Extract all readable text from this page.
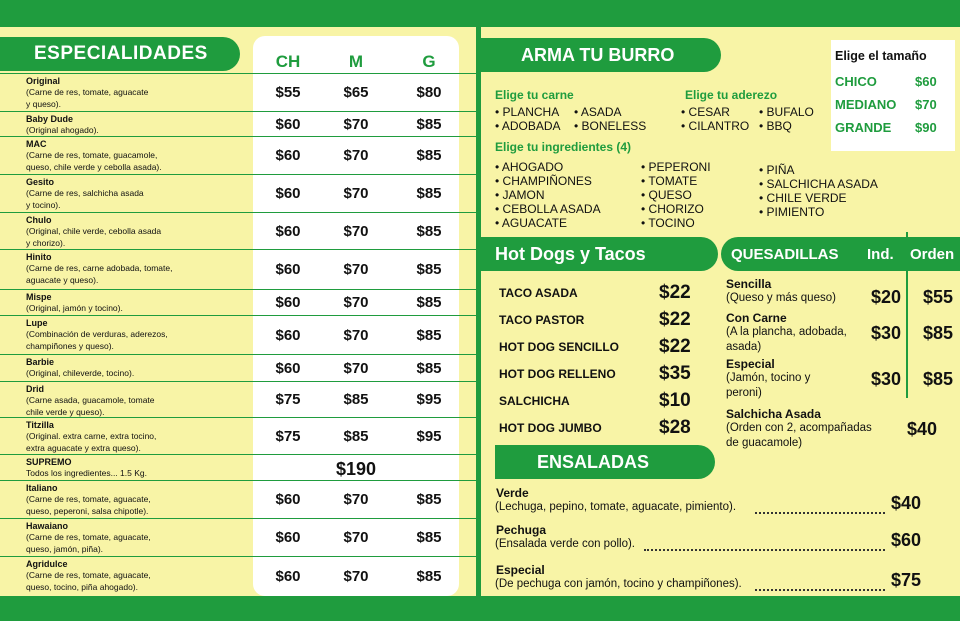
ESPECIALIDADES	CH	M	G
Original
(Carne de res, tomate, aguacate
y queso).
$55	$65	$80
Baby Dude
(Original ahogado).	$60	$70	$85
MAC
(Carne de res, tomate, guacamole,
queso, chile verde y cebolla asada).
$60	$70	$85
Gesito
(Carne de res, salchicha asada
y tocino).
$60	$70	$85
Chulo
(Original, chile verde, cebolla asada
y chorizo).
$60	$70	$85
Hinito
(Carne de res, carne adobada, tomate,
aguacate y queso).
$60	$70	$85
Mispe
(Original, jamón y tocino).	$60	$70	$85
Lupe
(Combinación de verduras, aderezos,
champiñones y queso).
$60	$70	$85
Barbie
(Original, chileverde, tocino).	$60	$70	$85
Drid
(Carne asada, guacamole, tomate
chile verde y queso).
$75	$85	$95
Titzilla
(Original. extra carne, extra tocino,
extra aguacate y extra queso).
$75	$85	$95
SUPREMO
Todos los ingredientes... 1.5 Kg.	$190
Italiano
(Carne de res, tomate, aguacate,
queso, peperoni, salsa chipotle).
$60	$70	$85
Hawaiano
(Carne de res, tomate, aguacate,
queso, jamón, piña).
$60	$70	$85
Agridulce
(Carne de res, tomate, aguacate,
queso, tocino, piña ahogado).
$60	$70	$85
ARMA TU BURRO	Elige el tamaño
CHICO	$60
MEDIANO $70
GRANDE $90
Elige tu carne
• PLANCHA • ASADA
• ADOBADA • BONELESS
Elige tu aderezo
• CESAR • BUFALO
• CILANTRO • BBQ
Elige tu ingredientes (4)
• AHOGADO
• CHAMPIÑONES
• JAMON
• CEBOLLA ASADA
• AGUACATE
• PEPERONI
• TOMATE
• QUESO
• CHORIZO
• TOCINO
• PIÑA
• SALCHICHA ASADA
• CHILE VERDE
• PIMIENTO
Hot Dogs y Tacos
TACO ASADA	$22
TACO PASTOR	$22
HOT DOG SENCILLO $22
HOT DOG RELLENO $35
SALCHICHA	$10
HOT DOG JUMBO	$28
QUESADILLAS Ind. Orden
Sencilla
(Queso y más queso)	$20	$55
Con Carne
(A la plancha, adobada,
asada)
$30	$85
Especial
(Jamón, tocino y
peroni)
$30	$85
Salchicha Asada
(Orden con 2, acompañadas
de guacamole)
$40
ENSALADAS
Verde
(Lechuga, pepino, tomate, aguacate, pimiento).	$40
Pechuga
(Ensalada verde con pollo).	$60
Especial
(De pechuga con jamón, tocino y champiñones).	$75
